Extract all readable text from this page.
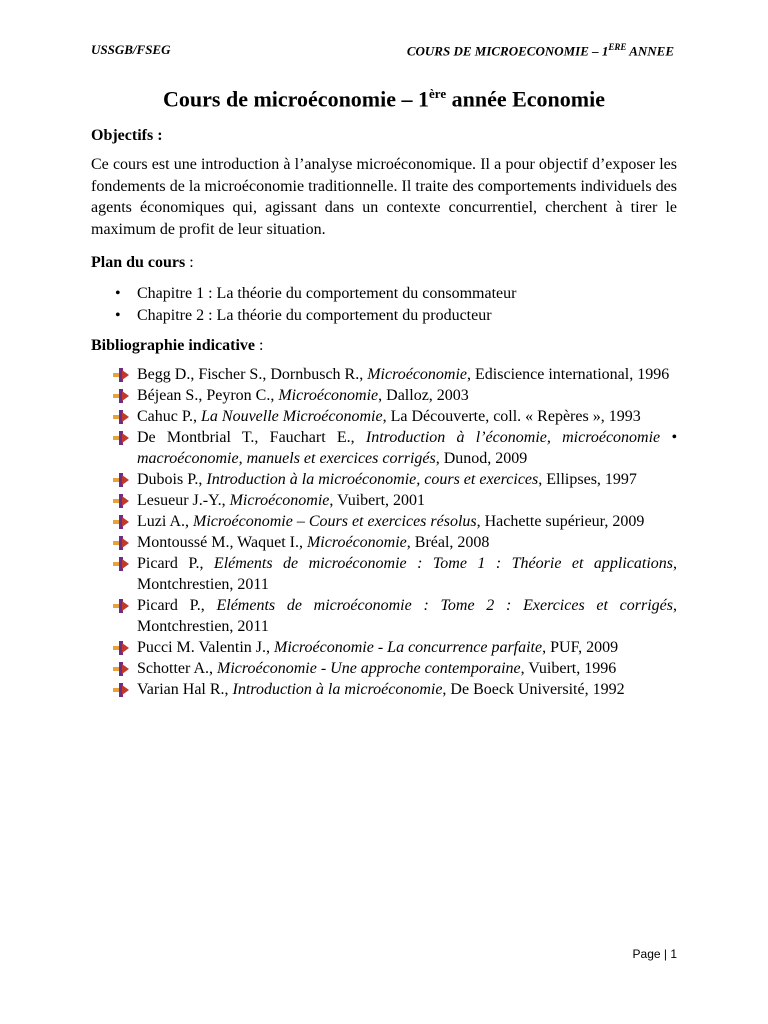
USSGB/FSEG	COURS DE MICROECONOMIE – 1ERE ANNEE
Cours de microéconomie – 1ère année Economie

Objectifs :

Ce cours est une introduction à l’analyse microéconomique. Il a pour objectif d’exposer les fondements de la microéconomie traditionnelle. Il traite des comportements individuels des agents économiques qui, agissant dans un contexte concurrentiel, cherchent à tirer le maximum de profit de leur situation.

Plan du cours :

• Chapitre 1 : La théorie du comportement du consommateur
• Chapitre 2 : La théorie du comportement du producteur

Bibliographie indicative :

Begg D., Fischer S., Dornbusch R., Microéconomie, Ediscience international, 1996
Béjean S., Peyron C., Microéconomie, Dalloz, 2003
Cahuc P., La Nouvelle Microéconomie, La Découverte, coll. « Repères », 1993
De Montbrial T., Fauchart E., Introduction à l’économie, microéconomie • macroéconomie, manuels et exercices corrigés, Dunod, 2009
Dubois P., Introduction à la microéconomie, cours et exercices, Ellipses, 1997
Lesueur J.-Y., Microéconomie, Vuibert, 2001
Luzi A., Microéconomie – Cours et exercices résolus, Hachette supérieur, 2009
Montoussé M., Waquet I., Microéconomie, Bréal, 2008
Picard P., Eléments de microéconomie : Tome 1 : Théorie et applications, Montchrestien, 2011
Picard P., Eléments de microéconomie : Tome 2 : Exercices et corrigés, Montchrestien, 2011
Pucci M. Valentin J., Microéconomie - La concurrence parfaite, PUF, 2009
Schotter A., Microéconomie - Une approche contemporaine, Vuibert, 1996
Varian Hal R., Introduction à la microéconomie, De Boeck Université, 1992
Page | 1
